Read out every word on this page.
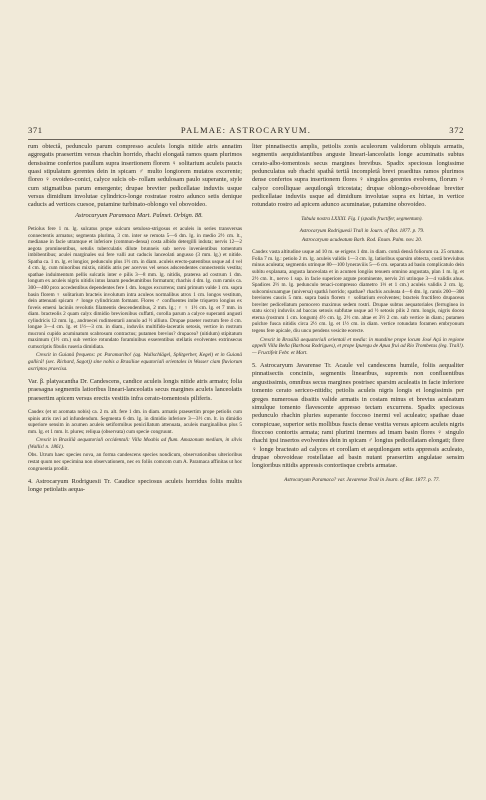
371	PALMAE: ASTROCARYUM.	372

rum obtectâ, pedunculo parum compresso aculeis longis nitide atris annatim aggregatis praesertim versus rhachin horrido, rhachi elongatâ ramos quam plurimos densissime confertos paullum supra insertionem florem ♀ solitarium aculeis paucis quasi stipulatum gerentes dein in spicam ♂ multo longiorem mutatos excerente; floreo ♀ ovoideo-conici, calyce sulcis ob- rollam sedulosam paulo superante, style cum stigmatibus parum emergente; drupae breviter pedicellatae induviis usque versus dimidium involutae cylindrico-longe rostratae rostro adunco setis denique caducis ad vertices cuesoe, putamine turbinato-oblongo vel obovoideo.

Astrocaryum Paramaca Mart. Palmet. Orbign. 88.

Petiolus fere 1 m. lg. sulcatus prope sulcum setuloso-strigosus et aculeis in series transversas connectentis armatus; segmenta plurima, 3 cm. inter se remota 5—6 dm. lg. in medio 2½ cm. lt., medianae in facie utramque et inferiore (commun-densa) costa albido detergilli induta; nervis 12—2 aegota prominentibus, setulis tuberculatis dilute brunneis sub nervo invenientibus tomentum imbibentibus; aculei marginales sui fere valli aut caducis lanceolati angusso (3 mm. lg.) et nitide. Spatha ca. 1 m. lg. et longior, pedunculo plus 1½ cm. in diam. aculeis erecto-patentibus usque ad 4 vel 4 cm. lg. cum minoribus mixtis, nitidis atris per acervos vel senos adscendentes connectentis vestita; spathae induimentum pellis sulcatis inter e pilis 3—8 mm. lg. nitidis, praterea ad costrum 1 dm. longum ex aculeis nigris nitidis intus lanam peudeumitibus formatum; rhachis 4 dm. lg. cum ramis ca. 300—400 prox accedentibus dependentes fere 1 dm. longos excurrens; rami primum valde 1 cm. supra basin florem ♀ solitarium bracteis involutum intra aculeos normalibus atrox 1 cm. longos vestitum, dein attenuati spicam ♂ longe cylindricam formant. Flores ♂ confluentes imbe triquetro longius ex foveis emersi laciniis revolutis filamentis descendentibus, 2 mm. lg.; ♀ ♀ 1½ cm. lg. et 7 mm. in diam. bracteolis 2 quam calyx dimidio breviorsibus cuffatti, corolla parum a calyce superanti angusti cylindricis 12 mm. lg., androecei rudimentarii annulo ad ½ alliuto. Drupae praeter rostrum fere 4 cm. longae 3—4 cm. lg. et 1½—3 cm. in diam., induviis multifido-laceratis setosis, vertice in rostrum mucroni cupido acuminatum scabrosum contractus; putamen brevius? drupacea? (nitidum) stipitatum maximum (1½ cm.) sub vertice rotundato foraminibus exserentibus stellatis evolventes extrinsecus cumscriptis fibulis ruseria dimidiata.

Crescit in Guianâ frequens: pr. Paramaribo! (ag. Wullschlägel, Splitgerber, Kegel) et in Guianâ gallicâ! (sec. Richard, Sagot)) sine nobis a Brasiliae equatoriali orientales in Wasser ciam fluviorum ascriptos praecisa.

Var. β. platyacantha Dr. Candescens, candice aculeis longis nitide atris armato; folia praesagna segmentis latioribus lineari-lanceolatis secus margines aculeis lanceolatis praesertim apicem versus erectis vestitis infra cerato-tomentosis piliferis.

Caudex (et ut acomata nobis) ca. 2 m. alt. fere 1 dm. in diam. armatis praesertim prope petiolis cum spinis atris ravi ad infundendum. Segmenta 6 dm. lg. in dimidio inferiore 3—3½ cm. lt. in dimidio superiore sensim in acumen aculeis setiformibus penicillatum attenuata, aculeis marginalibus plus 5 mm. lg. et 1 mm. lt. plures; reliqua (observata) cum specie congruunt.

Crescit in Brasiliâ aequatoriali occidentali: Villa Moahis ad flum. Amazonum mediam, in silvis (Wallis! n. 1861).

Obs. Utrum haec species nova, an forma candescens species nondicum, observationibus ulterioribus restat quum nec specimina non observationem, nec ex foliis comcom cum A. Paramaca affinitas ut hoc congruentia prodiit.

4. Astrocaryum Rodriguesii Tr. Caudice speciosus aculeis horridus foliis multis longe petiolatis aequa-

liter pinnatisectis amplis, petiolis zonis aculeorum validorum obliquis armatis, segmentis aequidistantibus anguste lineari-lanceolatis longe acuminatis subtus cerato-albo-tomentosis secus margines brevibus. Spadix speciosus longissime pedunculatus sub rhachi spathâ tertiâ incompletâ brevi praeditus ramos plurimos dense confertos supra insertionem flores ♀ singulos gerentes evolvens, florum ♀ calyce corolliquae aequilongâ tricostata; drupae oblongo-obovoideae breviter pedicellatae induviis usque ad dimidium involutae supra ex hirtae, in vertice rotundato rostro ad apicem adunco acuminatae, putamine obovoideo.

Tabula nostra LXXXI. Fig. I (spadix fructifer, segmentum).

Astrocaryum Rodriguesii Trail in Journ. of Bot. 1877. p. 79.

Astrocaryum acudeatum Barb. Rod. Enum. Palm. nov. 20.

Caudex vasta altitudine usque ad 10 m. se erigens 1 dm. in diam. comâ densâ foliorum ca. 25 ornatus. Folia 7 m. lg.: petiolo 2 m. lg. aculeis validis 1—3 cm. lg. latioribus sparsim obtecta, costâ breviubus minus aculeata; segmentis utrinque 80—100 lyneraviiis 5—6 cm. separata ad basin complicatulo dein subitu explanata, angusta lanceolata et in acumen longiùs tenuem omnino angustata, plan 1 m. lg. et 2½ cm. lt., nervo 1 sup. in facie superiore argute prominente, nervis 2ri utrinque 3—4 validis ahus. Spadices 2½ m. lg. pedunculo tenaci-compresso diametro 1⅓ et 1 cm.) aculeis validis 2 cm. lg. subcomiscuamgue (universa) spathâ horrido; spathae? rhachis aculeata 4—6 dm. lg. ramis 200—300 breviores caucis 5 mm. supra basin florem ♀ solitarium evolventes; bracteis fructifero drupaceus breviter pedicellatum pomocero maximus sedem rostri. Drupae subtus aequatoriales (ferruginea in statu sicco) induviis ad baccas setosis subfutae usque ad ½ setosis pilis 2 mm. longis, nigris docea eterna (rostrum 1 cm. longum) 4½ cm. lg. 2½ cm. altae et 3½ 2 cm. sub vertice in diam.; putamen pulchre fusca nitidis circa 2½ cm. lg. et 1½ cm. in diam. vertice rotundato foramen embryonum tegens fere apicale, diu uncu pendens vesicite eorecte.

Crescit in Brasiliâ aequatoriali orientali et media: in mundine prope locum José Açú in regione appelli Villa Bella (Barbosa Rodrigues), et prope Ipuregu de Apua frui ad Rio Trombetas (leg. Trail!). — Fructifeit Febr. et Mart.

5. Astrocaryum Javarense Tr. Acaule vel candescens humile, foliis aequaliter pinnatisectis conciniis, segmentis linearibus, supremis non confluentibus angustissimis, omnibus secus margines postrisec sparsim aculeatis in facie inferiore tomento cerato sericeo-nitidis; petiolis aculeis nigris longis et longissimis per greges numerosas dissitis valide armatis in costam minus et brevius aculeatum simulque tomento flavescente appresso tectam excurrens. Spadix speciosus pedunculo rhachin pluries superante foccoso inermi vel aculeato; spathae duae conspicuae, superior setis mollibus fuscis dense vestita versus apicem aculeis nigris fioccoso contortis armata; rami plurimi inermes ad imam basin flores ♀ singulo rhachi ipsi insertos evolventes dein in spicam ♂ longius pedicellatam elongati; flore ♀ longe bracteato ad calyces et corollam et aequilongam setis appressis aculeato, drupae obovoideae rostellatae ad basin nutant praesertim angulatae sensim longioribus nitidis appressis contortisque crebris armatae.

Astrocaryum Paramaca? var. Javarense Trail in Journ. of Bot. 1877. p. 77.
